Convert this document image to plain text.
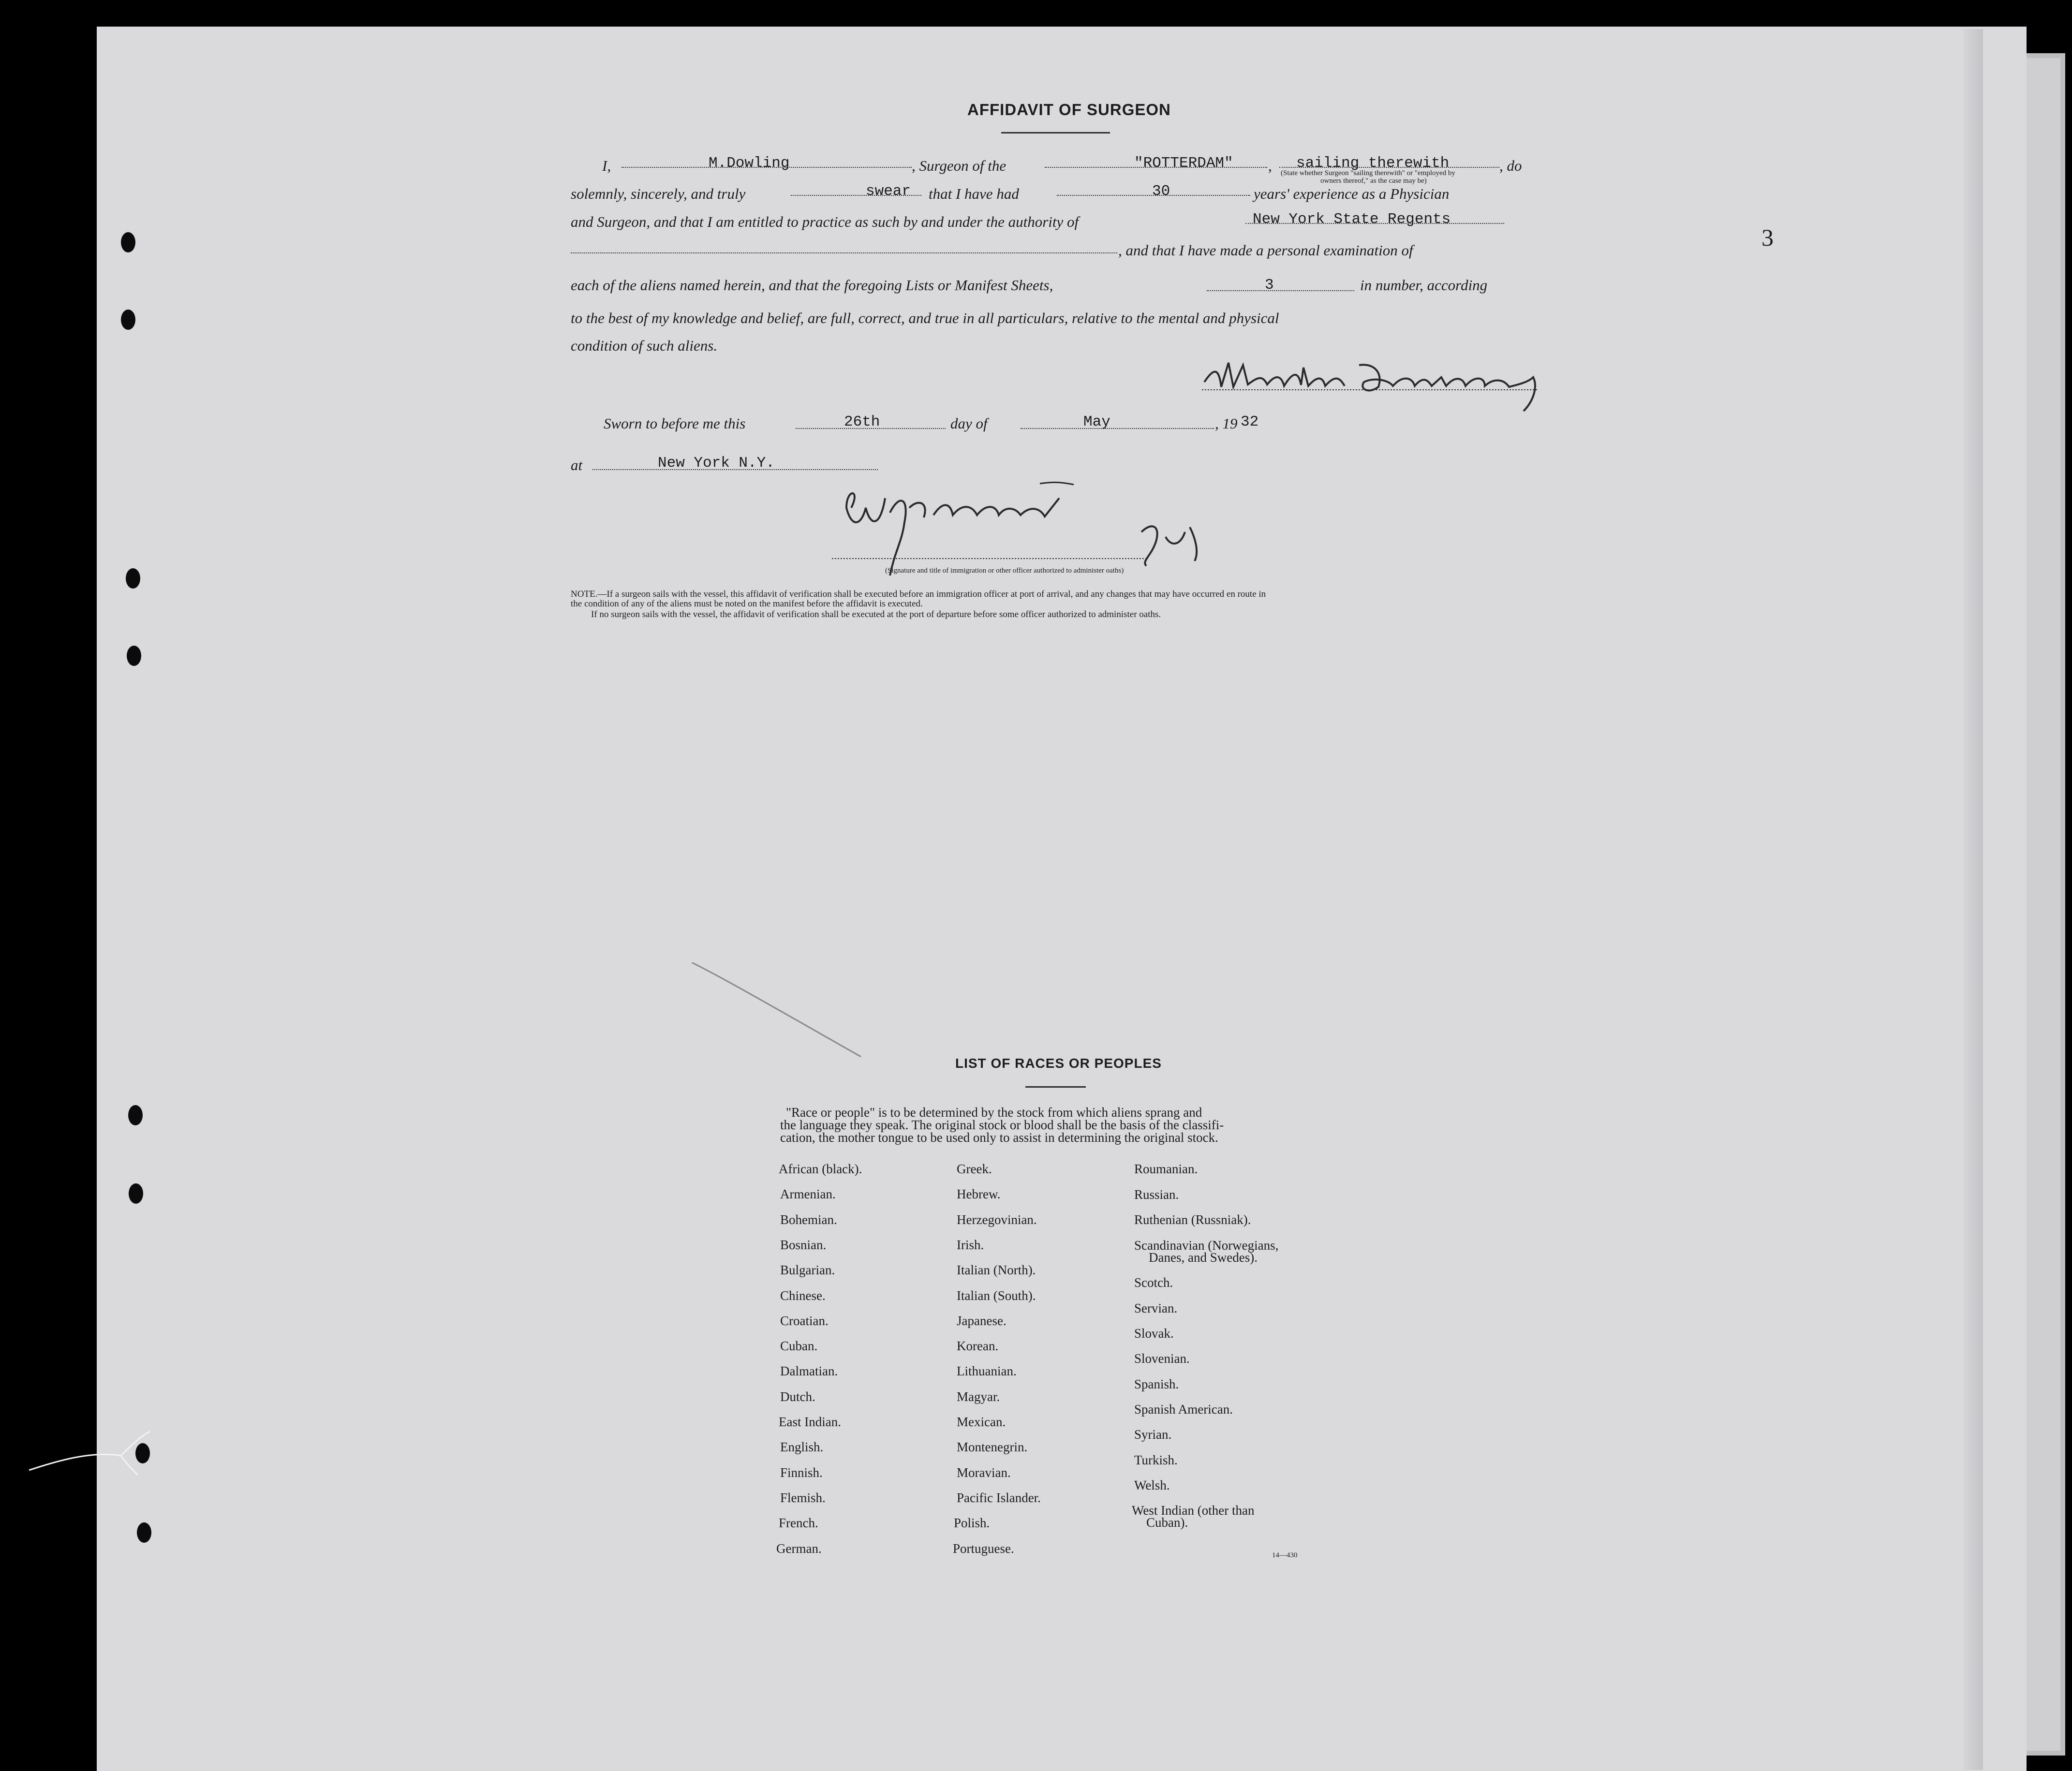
3
AFFIDAVIT OF SURGEON
I,	M.Dowling	, Surgeon of the	"ROTTERDAM" , sailing therewith	, do
(State whether Surgeon "sailing therewith" or "employed by
owners thereof," as the case may be)
solemnly, sincerely, and truly	swear that I have had	30	years' experience as a Physician
and Surgeon, and that I am entitled to practice as such by and under the authority of	New York State Regents
, and that I have made a personal examination of
each of the aliens named herein, and that the foregoing Lists or Manifest Sheets,	3	in number, according
to the best of my knowledge and belief, are full, correct, and true in all particulars, relative to the mental and physical
condition of such aliens.
Sworn to before me this	26th	day of	May	, 19 32
at	New York N.Y.
(Signature and title of immigration or other officer authorized to administer oaths)
NOTE.—If a surgeon sails with the vessel, this affidavit of verification shall be executed before an immigration officer at port of arrival, and any changes that may have occurred en route in
the condition of any of the aliens must be noted on the manifest before the affidavit is executed.
If no surgeon sails with the vessel, the affidavit of verification shall be executed at the port of departure before some officer authorized to administer oaths.
LIST OF RACES OR PEOPLES
"Race or people" is to be determined by the stock from which aliens sprang and
the language they speak. The original stock or blood shall be the basis of the classifi-
cation, the mother tongue to be used only to assist in determining the original stock.
African (black).
Armenian.
Bohemian.
Bosnian.
Bulgarian.
Chinese.
Croatian.
Cuban.
Dalmatian.
Dutch.
East Indian.
English.
Finnish.
Flemish.
French.
German.
Greek.
Hebrew.
Herzegovinian.
Irish.
Italian (North).
Italian (South).
Japanese.
Korean.
Lithuanian.
Magyar.
Mexican.
Montenegrin.
Moravian.
Pacific Islander.
Polish.
Portuguese.
Roumanian.
Russian.
Ruthenian (Russniak).
Scandinavian (Norwegians,
Danes, and Swedes).
Scotch.
Servian.
Slovak.
Slovenian.
Spanish.
Spanish American.
Syrian.
Turkish.
Welsh.
West Indian (other than
Cuban).
14—430
